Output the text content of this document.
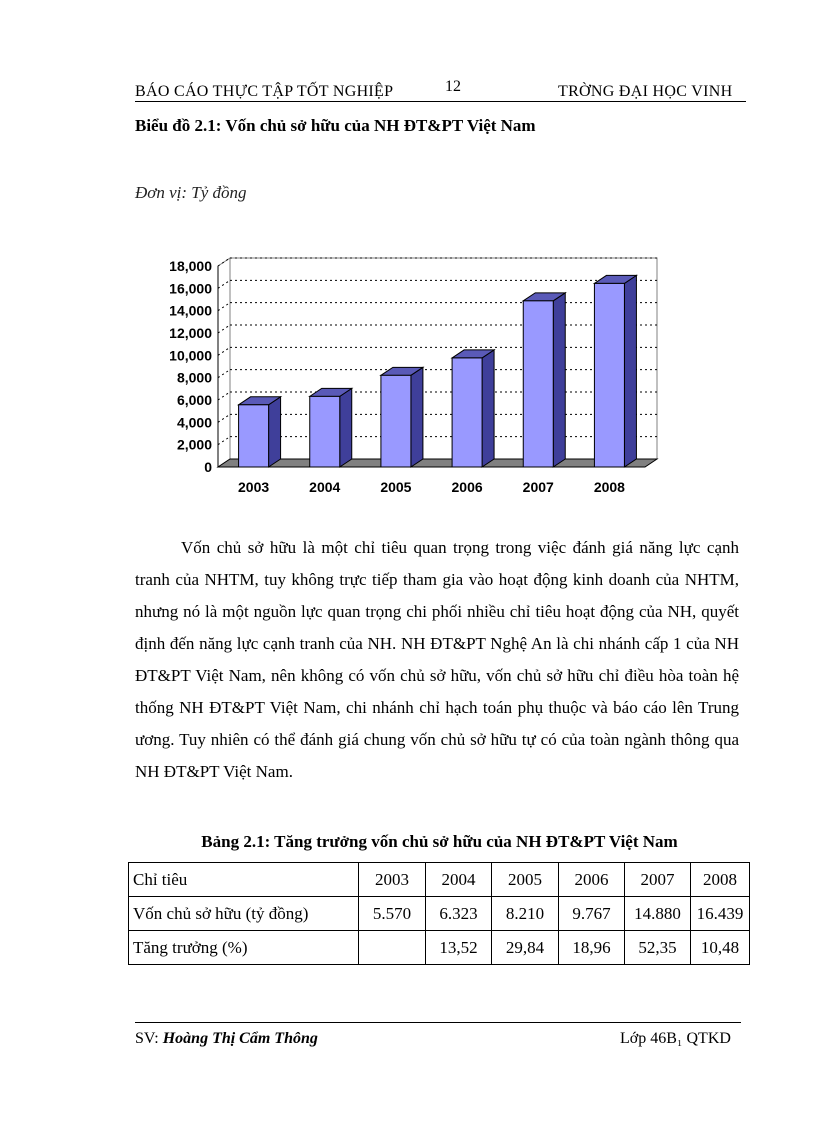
BÁO CÁO THỰC TẬP TỐT NGHIỆP	12	TRỜNG ĐẠI HỌC VINH
Biểu đồ 2.1: Vốn chủ sở hữu của NH ĐT&PT Việt Nam
Đơn vị: Tỷ đồng
0
2,000
4,000
6,000
8,000
10,000
12,000
14,000
16,000
18,000
2003	2004	2005	2006	2007	2008
Vốn chủ sở hữu là một chỉ tiêu quan trọng trong việc đánh giá năng lực cạnh tranh của NHTM, tuy không trực tiếp tham gia vào hoạt động kinh doanh của NHTM, nhưng nó là một nguồn lực quan trọng chi phối nhiều chỉ tiêu hoạt động của NH, quyết định đến năng lực cạnh tranh của NH. NH ĐT&PT Nghệ An là chi nhánh cấp 1 của NH ĐT&PT Việt Nam, nên không có vốn chủ sở hữu, vốn chủ sở hữu chỉ điều hòa toàn hệ thống NH ĐT&PT Việt Nam, chi nhánh chỉ hạch toán phụ thuộc và báo cáo lên Trung ương. Tuy nhiên có thể đánh giá chung vốn chủ sở hữu tự có của toàn ngành thông qua NH ĐT&PT Việt Nam.
Bảng 2.1: Tăng trưởng vốn chủ sở hữu của NH ĐT&PT Việt Nam
Chỉ tiêu	2003	2004	2005	2006	2007	2008
Vốn chủ sở hữu (tỷ đồng)	5.570	6.323	8.210	9.767	14.880	16.439
Tăng trưởng (%)		13,52	29,84	18,96	52,35	10,48
SV: Hoàng Thị Cẩm Thông	Lớp 46B₁ QTKD
